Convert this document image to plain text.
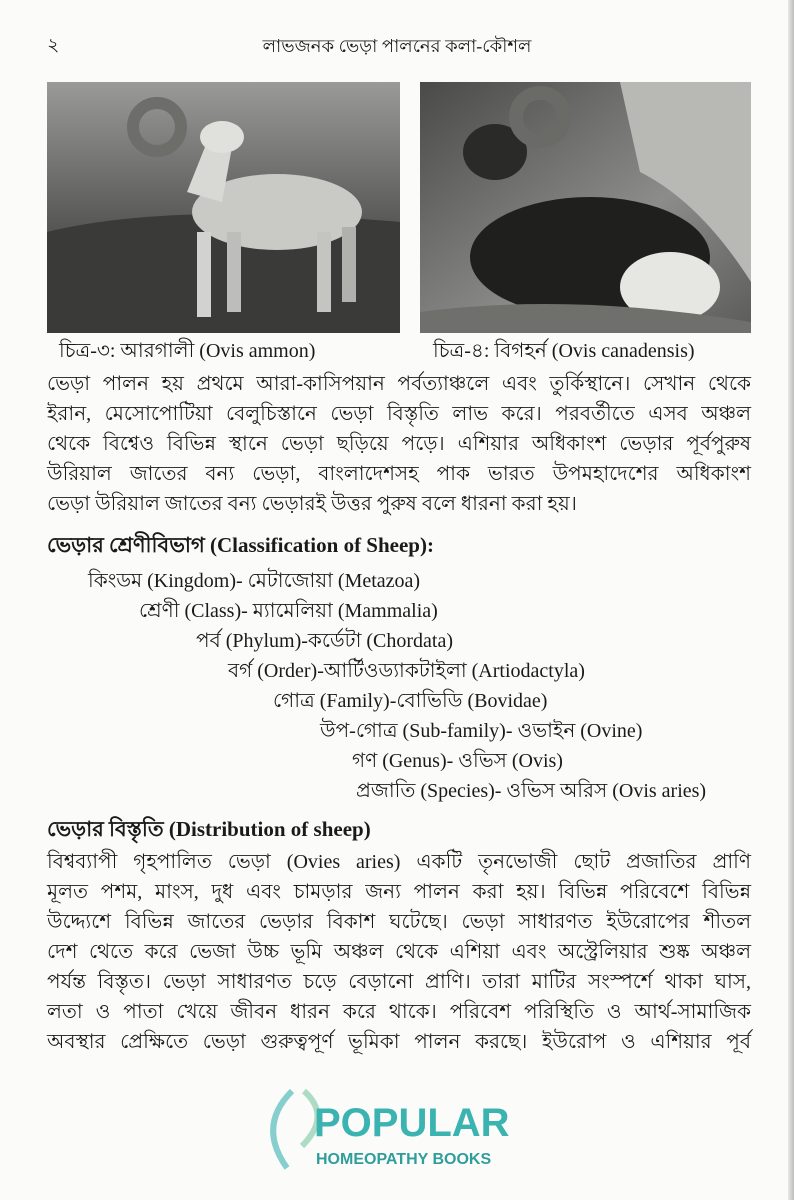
২	লাভজনক ভেড়া পালনের কলা-কৌশল
চিত্র-৩: আরগালী (Ovis ammon)	চিত্র-৪: বিগহর্ন (Ovis canadensis)
ভেড়া পালন হয় প্রথমে আরা-কাসিপয়ান পর্বত্যাঞ্চলে এবং তুর্কিস্থানে। সেখান থেকে
ইরান, মেসোপোটিয়া বেলুচিস্তানে ভেড়া বিস্তৃতি লাভ করে। পরবর্তীতে এসব অঞ্চল
থেকে বিশ্বেও বিভিন্ন স্থানে ভেড়া ছড়িয়ে পড়ে। এশিয়ার অধিকাংশ ভেড়ার পূর্বপুরুষ
উরিয়াল জাতের বন্য ভেড়া, বাংলাদেশসহ পাক ভারত উপমহাদেশের অধিকাংশ
ভেড়া উরিয়াল জাতের বন্য ভেড়ারই উত্তর পুরুষ বলে ধারনা করা হয়।
ভেড়ার শ্রেণীবিভাগ (Classification of Sheep):
কিংডম (Kingdom)- মেটাজোয়া (Metazoa)
শ্রেণী (Class)- ম্যামেলিয়া (Mammalia)
পর্ব (Phylum)-কর্ডেটা (Chordata)
বর্গ (Order)-আর্টিওড্যাকটাইলা (Artiodactyla)
গোত্র (Family)-বোভিডি (Bovidae)
উপ-গোত্র (Sub-family)- ওভাইন (Ovine)
গণ (Genus)- ওভিস (Ovis)
প্রজাতি (Species)- ওভিস অরিস (Ovis aries)
ভেড়ার বিস্তৃতি (Distribution of sheep)
বিশ্বব্যাপী গৃহপালিত ভেড়া (Ovies aries) একটি তৃনভোজী ছোট প্রজাতির প্রাণি
মূলত পশম, মাংস, দুধ এবং চামড়ার জন্য পালন করা হয়। বিভিন্ন পরিবেশে বিভিন্ন
উদ্দ্যেশে বিভিন্ন জাতের ভেড়ার বিকাশ ঘটেছে। ভেড়া সাধারণত ইউরোপের শীতল
দেশ থেতে করে ভেজা উচ্চ ভূমি অঞ্চল থেকে এশিয়া এবং অস্ট্রেলিয়ার শুষ্ক অঞ্চল
পর্যন্ত বিস্তৃত। ভেড়া সাধারণত চড়ে বেড়ানো প্রাণি। তারা মাটির সংস্পর্শে থাকা ঘাস,
লতা ও পাতা খেয়ে জীবন ধারন করে থাকে। পরিবেশ পরিস্থিতি ও আর্থ-সামাজিক
অবস্থার প্রেক্ষিতে ভেড়া গুরুত্বপূর্ণ ভূমিকা পালন করছে। ইউরোপ ও এশিয়ার পূর্ব
POPULAR
HOMEOPATHY BOOKS
